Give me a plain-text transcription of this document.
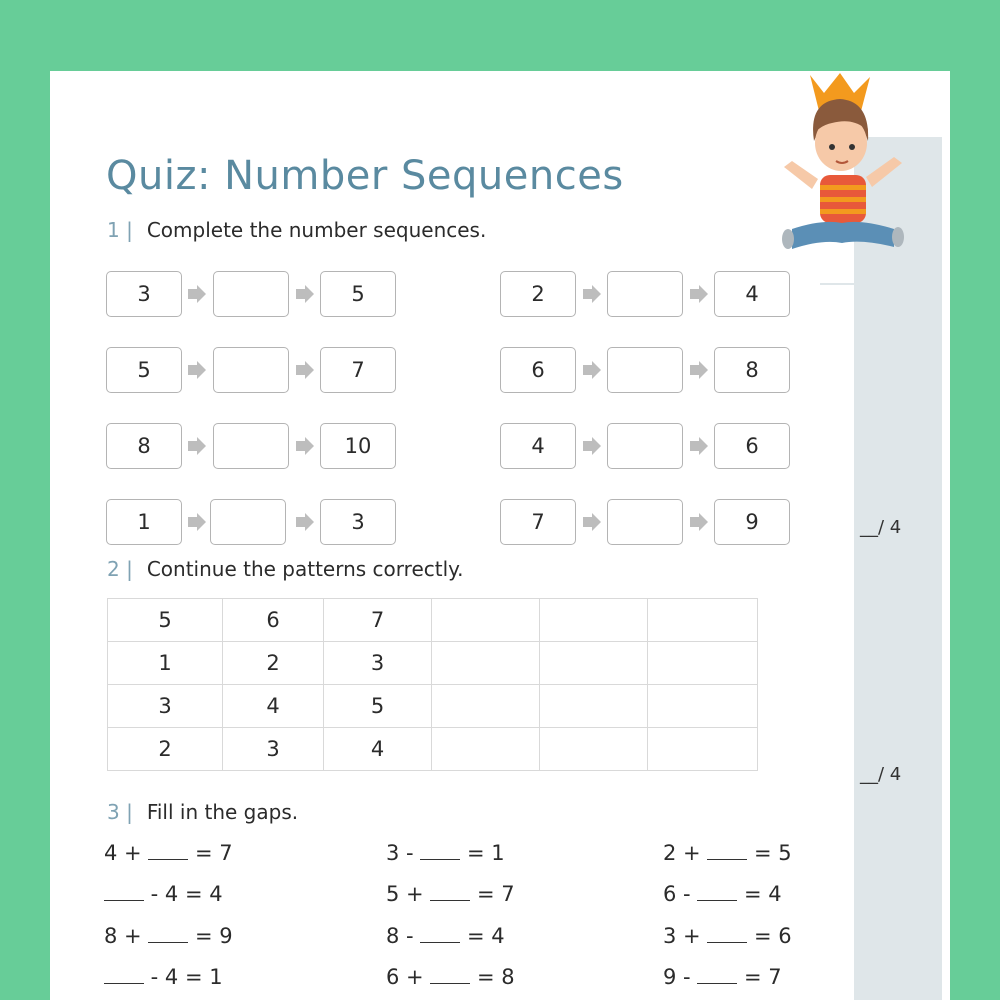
Quiz: Number Sequences
1 | Complete the number sequences.
3	5
5	7
8	10
1	3
2	4
6	8
4	6
7	9	__/ 4
2 | Continue the patterns correctly.
5	6	7			
1	2	3			
3	4	5			
2	3	4			
__/ 4
3 | Fill in the gaps.
4 +  = 7
- 4 = 4
8 +  = 9
- 4 = 1
3 -  = 1
5 +  = 7
8 -  = 4
6 +  = 8
2 +  = 5
6 -  = 4
3 +  = 6
9 -  = 7
